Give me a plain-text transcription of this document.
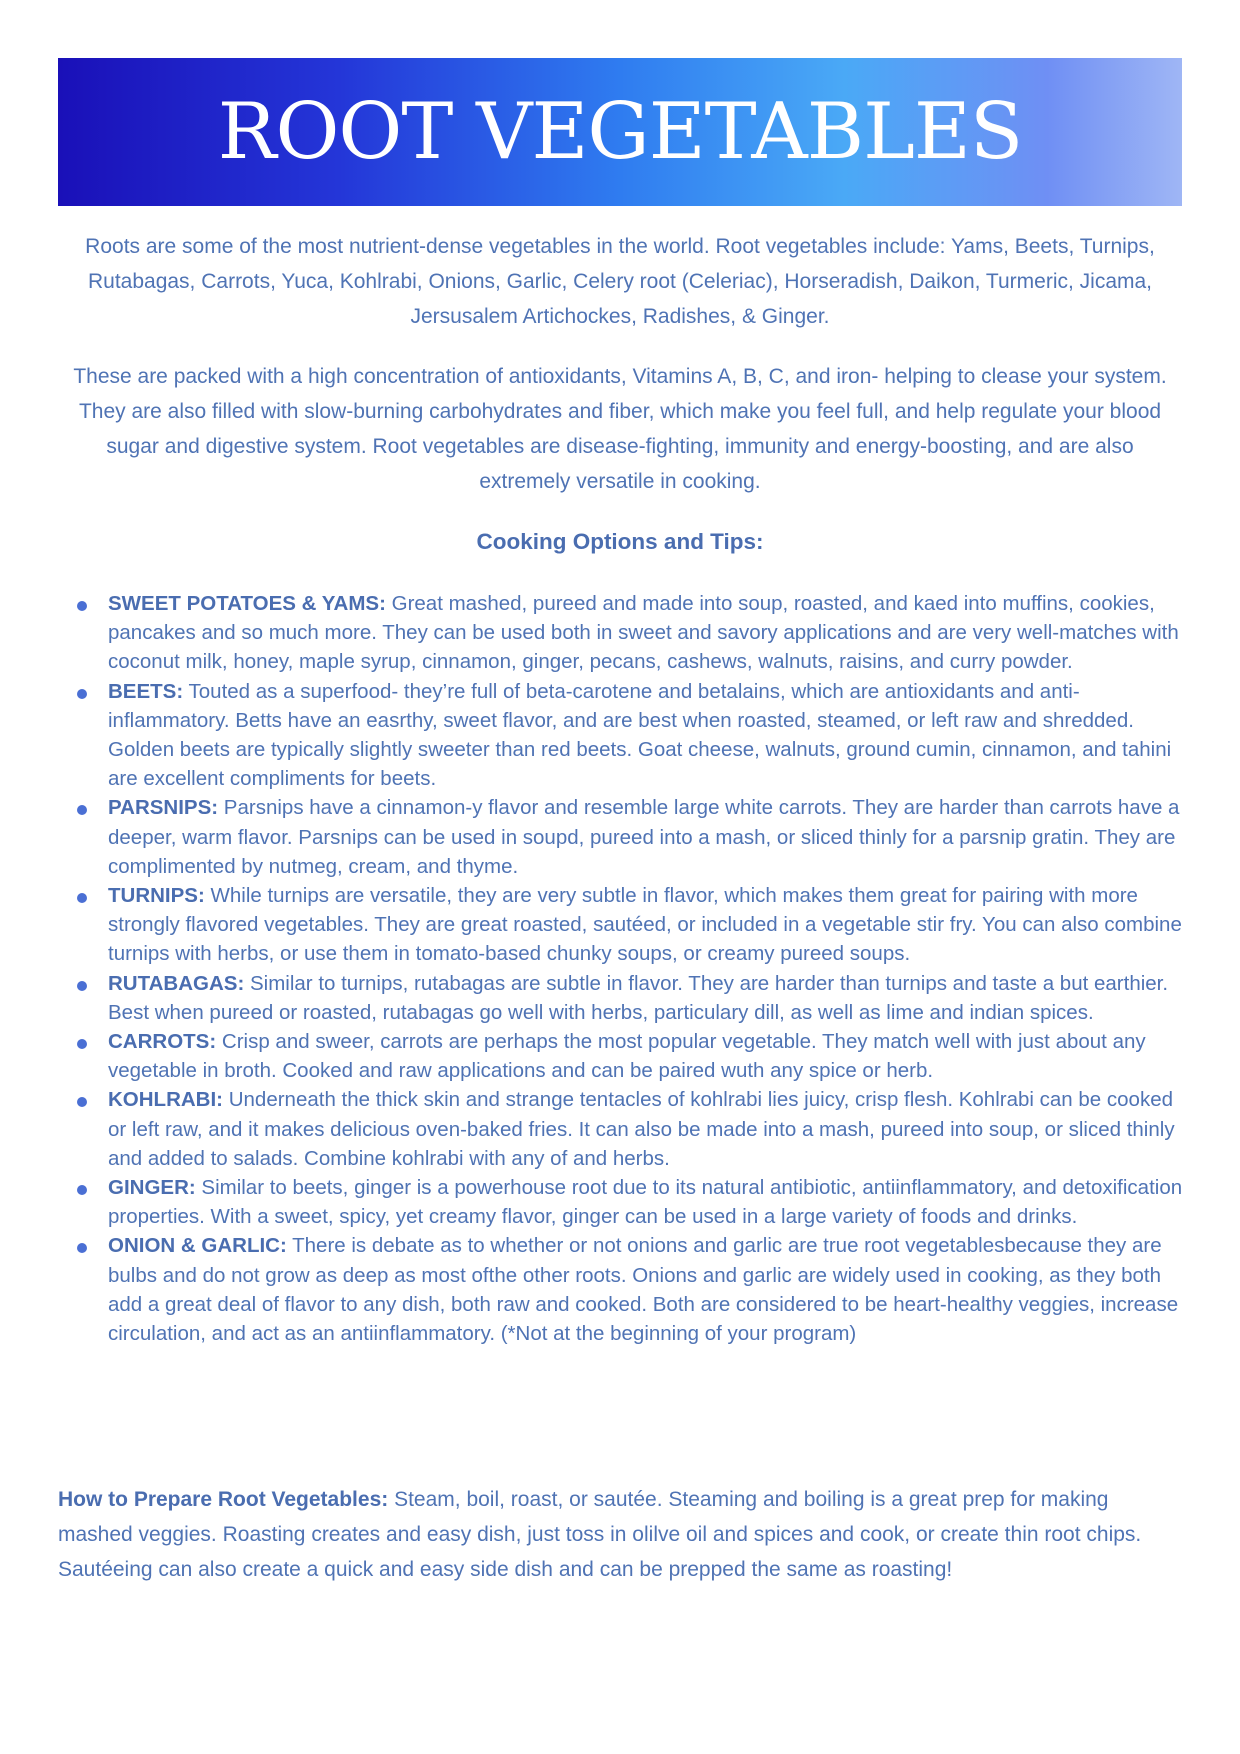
ROOT VEGETABLES

Roots are some of the most nutrient-dense vegetables in the world. Root vegetables include: Yams, Beets, Turnips, Rutabagas, Carrots, Yuca, Kohlrabi, Onions, Garlic, Celery root (Celeriac), Horseradish, Daikon, Turmeric, Jicama, Jersusalem Artichockes, Radishes, & Ginger.

These are packed with a high concentration of antioxidants, Vitamins A, B, C, and iron- helping to clease your system. They are also filled with slow-burning carbohydrates and fiber, which make you feel full, and help regulate your blood sugar and digestive system. Root vegetables are disease-fighting, immunity and energy-boosting, and are also extremely versatile in cooking.

Cooking Options and Tips:
SWEET POTATOES & YAMS: Great mashed, pureed and made into soup, roasted, and kaed into muffins, cookies, pancakes and so much more. They can be used both in sweet and savory applications and are very well-matches with coconut milk, honey, maple syrup, cinnamon, ginger, pecans, cashews, walnuts, raisins, and curry powder.
BEETS: Touted as a superfood- they’re full of beta-carotene and betalains, which are antioxidants and anti-inflammatory. Betts have an easrthy, sweet flavor, and are best when roasted, steamed, or left raw and shredded. Golden beets are typically slightly sweeter than red beets. Goat cheese, walnuts, ground cumin, cinnamon, and tahini are excellent compliments for beets.
PARSNIPS: Parsnips have a cinnamon-y flavor and resemble large white carrots. They are harder than carrots have a deeper, warm flavor. Parsnips can be used in soupd, pureed into a mash, or sliced thinly for a parsnip gratin. They are complimented by nutmeg, cream, and thyme.
TURNIPS: While turnips are versatile, they are very subtle in flavor, which makes them great for pairing with more strongly flavored vegetables. They are great roasted, sautéed, or included in a vegetable stir fry. You can also combine turnips with herbs, or use them in tomato-based chunky soups, or creamy pureed soups.
RUTABAGAS: Similar to turnips, rutabagas are subtle in flavor. They are harder than turnips and taste a but earthier. Best when pureed or roasted, rutabagas go well with herbs, particulary dill, as well as lime and indian spices.
CARROTS: Crisp and sweer, carrots are perhaps the most popular vegetable. They match well with just about any vegetable in broth. Cooked and raw applications and can be paired wuth any spice or herb.
KOHLRABI: Underneath the thick skin and strange tentacles of kohlrabi lies juicy, crisp flesh. Kohlrabi can be cooked or left raw, and it makes delicious oven-baked fries. It can also be made into a mash, pureed into soup, or sliced thinly and added to salads. Combine kohlrabi with any of and herbs.
GINGER: Similar to beets, ginger is a powerhouse root due to its natural antibiotic, antiinflammatory, and detoxification properties. With a sweet, spicy, yet creamy flavor, ginger can be used in a large variety of foods and drinks.
ONION & GARLIC: There is debate as to whether or not onions and garlic are true root vegetablesbecause they are bulbs and do not grow as deep as most ofthe other roots. Onions and garlic are widely used in cooking, as they both add a great deal of flavor to any dish, both raw and cooked. Both are considered to be heart-healthy veggies, increase circulation, and act as an antiinflammatory. (*Not at the beginning of your program)

How to Prepare Root Vegetables: Steam, boil, roast, or sautée. Steaming and boiling is a great prep for making mashed veggies. Roasting creates and easy dish, just toss in olilve oil and spices and cook, or create thin root chips. Sautéeing can also create a quick and easy side dish and can be prepped the same as roasting!
